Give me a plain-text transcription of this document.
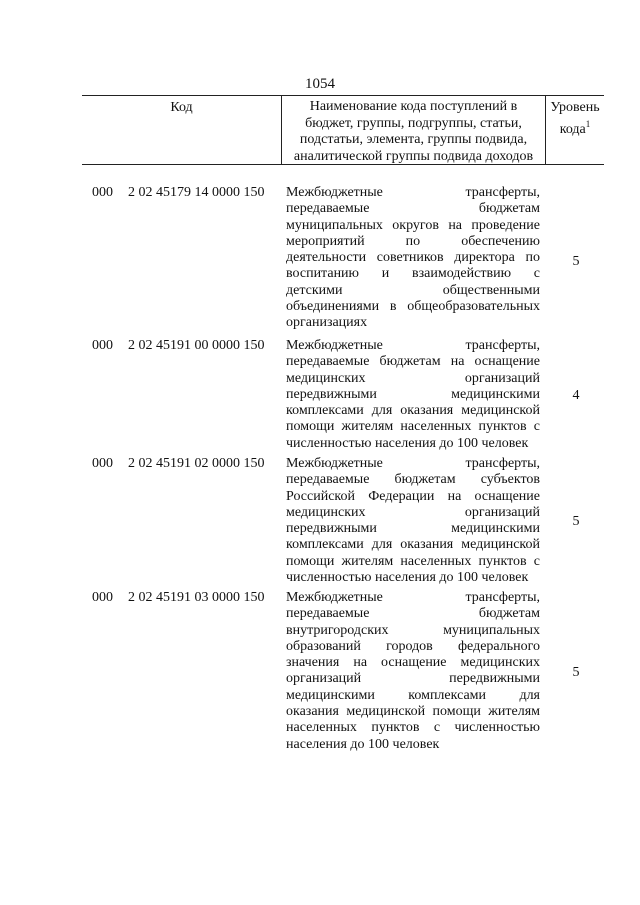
1054
Код	Наименование кода поступлений в
бюджет, группы, подгруппы, статьи,
подстатьи, элемента, группы подвида,
аналитической группы подвида доходов
Уровень
кода$^1$
000 2 02 45179 14 0000 150 Межбюджетные трансферты,
передаваемые бюджетам
муниципальных округов на проведение
мероприятий по обеспечению
деятельности советников директора по
воспитанию и взаимодействию с
детскими общественными
объединениями в общеобразовательных
организациях
5
000 2 02 45191 00 0000 150 Межбюджетные трансферты,
передаваемые бюджетам на оснащение
медицинских организаций
передвижными медицинскими
комплексами для оказания медицинской
помощи жителям населенных пунктов с
численностью населения до 100 человек
4
000 2 02 45191 02 0000 150 Межбюджетные трансферты,
передаваемые бюджетам субъектов
Российской Федерации на оснащение
медицинских организаций
передвижными медицинскими
комплексами для оказания медицинской
помощи жителям населенных пунктов с
численностью населения до 100 человек
5
000 2 02 45191 03 0000 150 Межбюджетные трансферты,
передаваемые бюджетам
внутригородских муниципальных
образований городов федерального
значения на оснащение медицинских
организаций передвижными
медицинскими комплексами для
оказания медицинской помощи жителям
населенных пунктов с численностью
населения до 100 человек
5
